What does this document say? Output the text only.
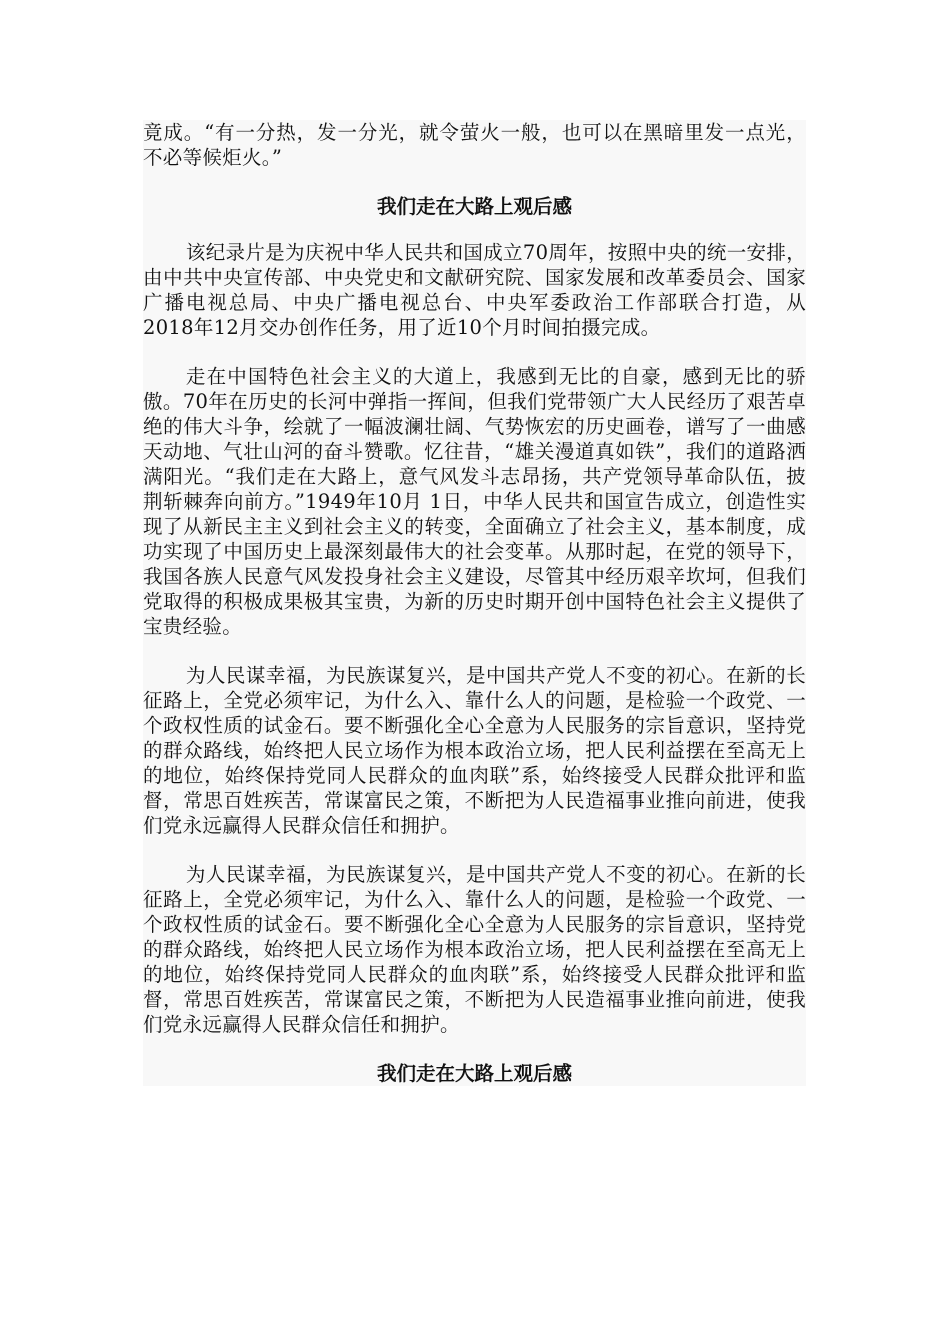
竟成。“有一分热，发一分光，就令萤火一般，也可以在黑暗里发一点光，不必等候炬火。”

我们走在大路上观后感

该纪录片是为庆祝中华人民共和国成立70周年，按照中央的统一安排，由中共中央宣传部、中央党史和文献研究院、国家发展和改革委员会、国家广播电视总局、中央广播电视总台、中央军委政治工作部联合打造，从2018年12月交办创作任务，用了近10个月时间拍摄完成。

走在中国特色社会主义的大道上，我感到无比的自豪，感到无比的骄傲。70年在历史的长河中弹指一挥间，但我们党带领广大人民经历了艰苦卓绝的伟大斗争，绘就了一幅波澜壮阔、气势恢宏的历史画卷，谱写了一曲感天动地、气壮山河的奋斗赞歌。忆往昔，“雄关漫道真如铁”，我们的道路洒满阳光。“我们走在大路上，意气风发斗志昂扬，共产党领导革命队伍，披荆斩棘奔向前方。”1949年10月 1日，中华人民共和国宣告成立，创造性实现了从新民主主义到社会主义的转变，全面确立了社会主义，基本制度，成功实现了中国历史上最深刻最伟大的社会变革。从那时起，在党的领导下，我国各族人民意气风发投身社会主义建设，尽管其中经历艰辛坎坷，但我们党取得的积极成果极其宝贵，为新的历史时期开创中国特色社会主义提供了宝贵经验。

为人民谋幸福，为民族谋复兴，是中国共产党人不变的初心。在新的长征路上，全党必须牢记，为什么入、靠什么人的问题，是检验一个政党、一个政权性质的试金石。要不断强化全心全意为人民服务的宗旨意识，坚持党的群众路线，始终把人民立场作为根本政治立场，把人民利益摆在至高无上的地位，始终保持党同人民群众的血肉联”系，始终接受人民群众批评和监督，常思百姓疾苦，常谋富民之策，不断把为人民造福事业推向前进，使我们党永远赢得人民群众信任和拥护。

为人民谋幸福，为民族谋复兴，是中国共产党人不变的初心。在新的长征路上，全党必须牢记，为什么入、靠什么人的问题，是检验一个政党、一个政权性质的试金石。要不断强化全心全意为人民服务的宗旨意识，坚持党的群众路线，始终把人民立场作为根本政治立场，把人民利益摆在至高无上的地位，始终保持党同人民群众的血肉联”系，始终接受人民群众批评和监督，常思百姓疾苦，常谋富民之策，不断把为人民造福事业推向前进，使我们党永远赢得人民群众信任和拥护。

我们走在大路上观后感
